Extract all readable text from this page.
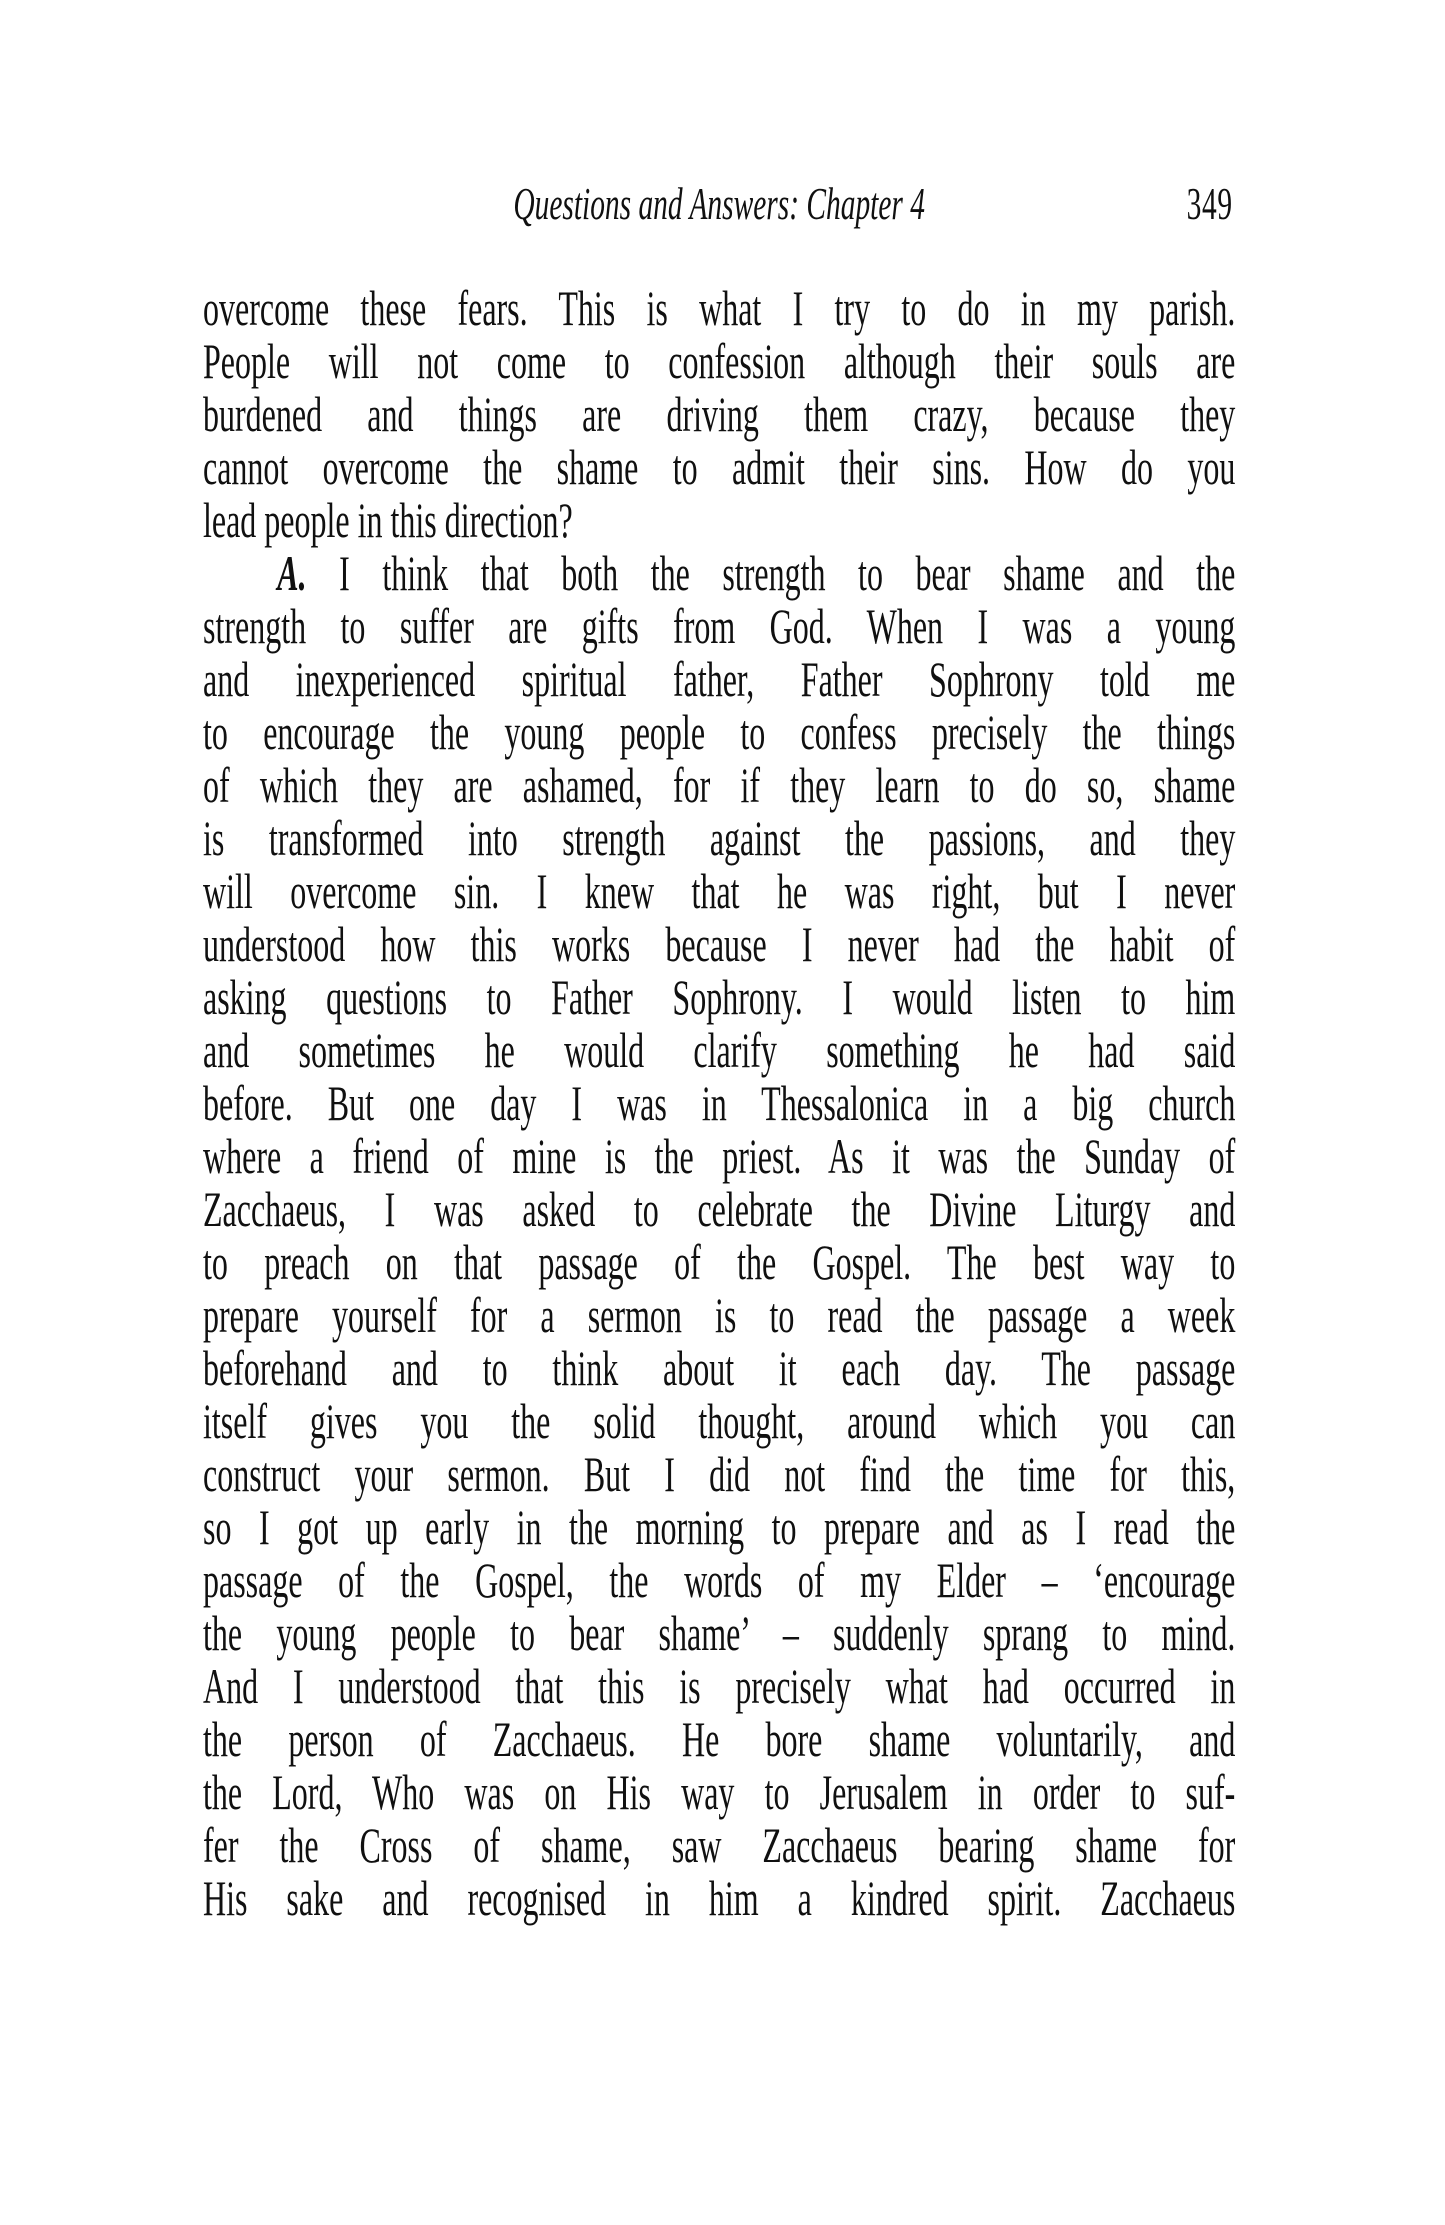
Questions and Answers: Chapter 4	349
overcome these fears. This is what I try to do in my parish.
People will not come to confession although their souls are
burdened and things are driving them crazy, because they
cannot overcome the shame to admit their sins. How do you
lead people in this direction?
A. I think that both the strength to bear shame and the
strength to suffer are gifts from God. When I was a young
and inexperienced spiritual father, Father Sophrony told me
to encourage the young people to confess precisely the things
of which they are ashamed, for if they learn to do so, shame
is transformed into strength against the passions, and they
will overcome sin. I knew that he was right, but I never
understood how this works because I never had the habit of
asking questions to Father Sophrony. I would listen to him
and sometimes he would clarify something he had said
before. But one day I was in Thessalonica in a big church
where a friend of mine is the priest. As it was the Sunday of
Zacchaeus, I was asked to celebrate the Divine Liturgy and
to preach on that passage of the Gospel. The best way to
prepare yourself for a sermon is to read the passage a week
beforehand and to think about it each day. The passage
itself gives you the solid thought, around which you can
construct your sermon. But I did not find the time for this,
so I got up early in the morning to prepare and as I read the
passage of the Gospel, the words of my Elder – ‘encourage
the young people to bear shame’ – suddenly sprang to mind.
And I understood that this is precisely what had occurred in
the person of Zacchaeus. He bore shame voluntarily, and
the Lord, Who was on His way to Jerusalem in order to suf-
fer the Cross of shame, saw Zacchaeus bearing shame for
His sake and recognised in him a kindred spirit. Zacchaeus
